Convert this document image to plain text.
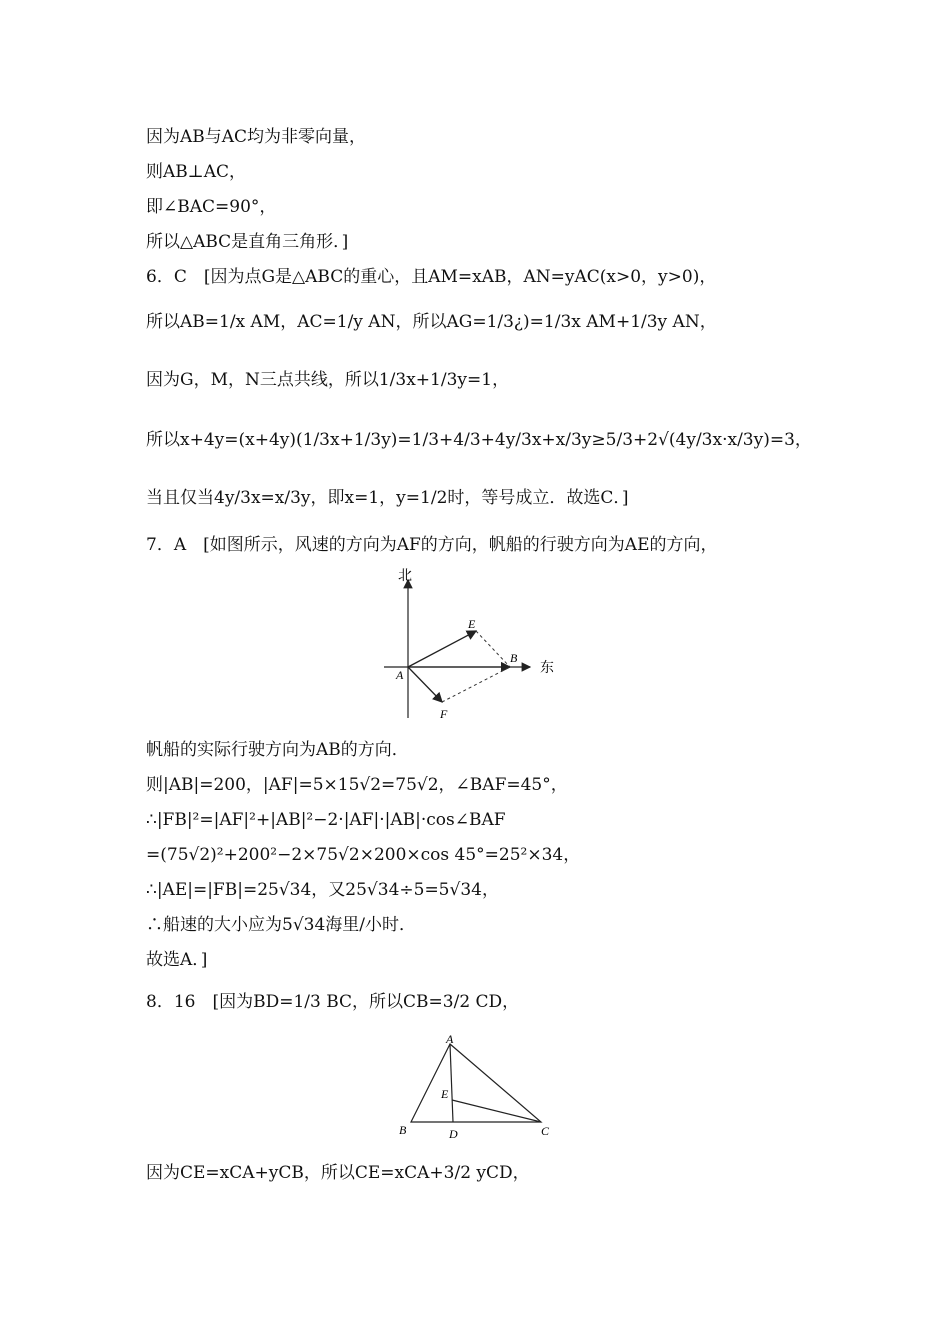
因为AB与AC均为非零向量，
则AB⊥AC，
即∠BAC=90°，
所以△ABC是直角三角形．]
6．C　[因为点G是△ABC的重心，且AM=xAB，AN=yAC(x>0，y>0)，
所以AB=1/x AM，AC=1/y AN，所以AG=1/3¿)=1/3x AM+1/3y AN，
因为G，M，N三点共线，所以1/3x+1/3y=1，
所以x+4y=(x+4y)(1/3x+1/3y)=1/3+4/3+4y/3x+x/3y≥5/3+2√(4y/3x·x/3y)=3，
当且仅当4y/3x=x/3y，即x=1，y=1/2时，等号成立．故选C．]
7．A　[如图所示，风速的方向为AF的方向，帆船的行驶方向为AE的方向，
帆船的实际行驶方向为AB的方向．
则|AB|=200，|AF|=5×15√2=75√2，∠BAF=45°，
∴|FB|²=|AF|²+|AB|²−2·|AF|·|AB|·cos∠BAF
=(75√2)²+200²−2×75√2×200×cos 45°=25²×34，
∴|AE|=|FB|=25√34，又25√34÷5=5√34，
∴船速的大小应为5√34海里/小时．
故选A．]
8．16　[因为BD=1/3 BC，所以CB=3/2 CD，
因为CE=xCA+yCB，所以CE=xCA+3/2 yCD，
北
东
A
B
E
F
A
B	C
D
E
